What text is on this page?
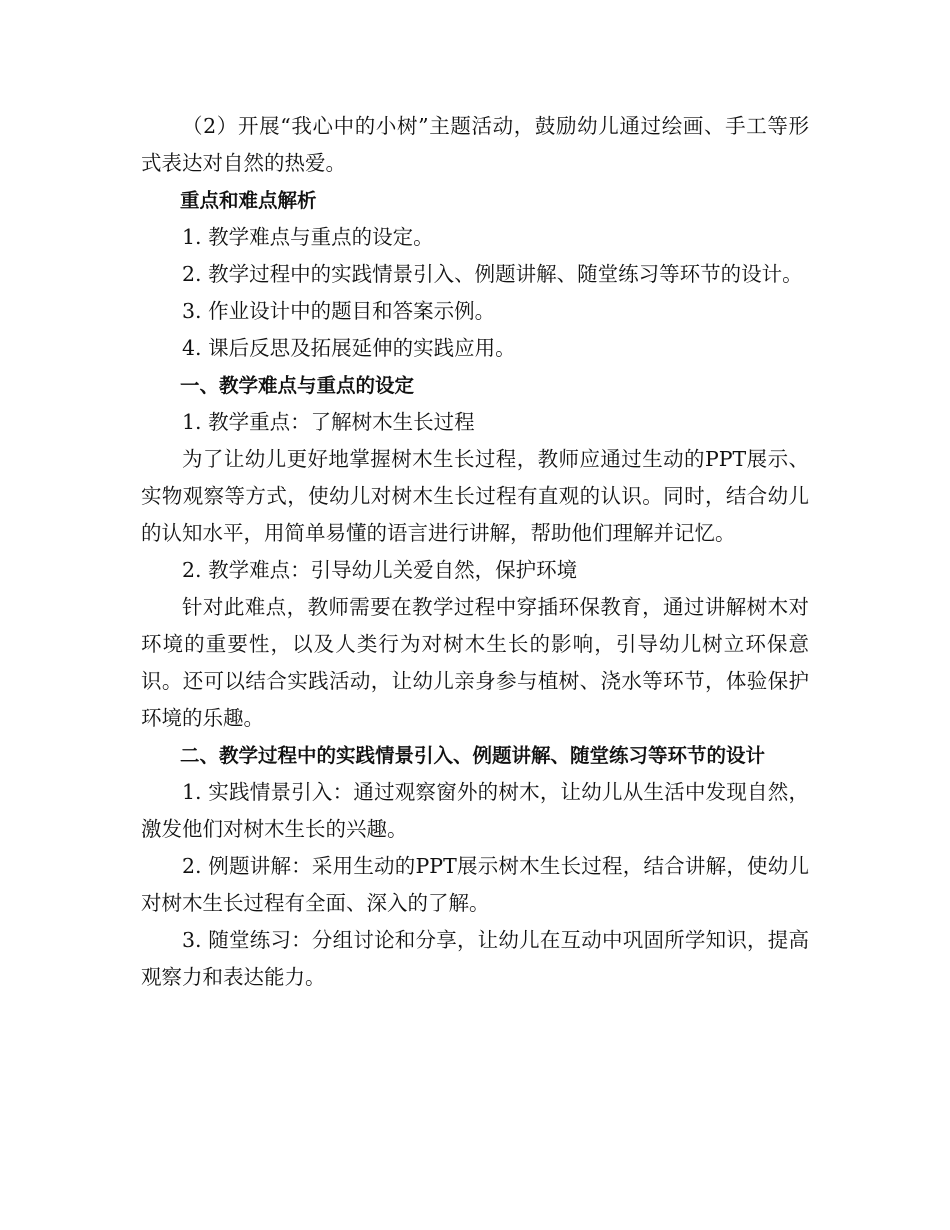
（2）开展“我心中的小树”主题活动，鼓励幼儿通过绘画、手工等形式表达对自然的热爱。

重点和难点解析

1. 教学难点与重点的设定。

2. 教学过程中的实践情景引入、例题讲解、随堂练习等环节的设计。

3. 作业设计中的题目和答案示例。

4. 课后反思及拓展延伸的实践应用。

一、教学难点与重点的设定

1. 教学重点：了解树木生长过程

为了让幼儿更好地掌握树木生长过程，教师应通过生动的PPT展示、实物观察等方式，使幼儿对树木生长过程有直观的认识。同时，结合幼儿的认知水平，用简单易懂的语言进行讲解，帮助他们理解并记忆。

2. 教学难点：引导幼儿关爱自然，保护环境

针对此难点，教师需要在教学过程中穿插环保教育，通过讲解树木对环境的重要性，以及人类行为对树木生长的影响，引导幼儿树立环保意识。还可以结合实践活动，让幼儿亲身参与植树、浇水等环节，体验保护环境的乐趣。

二、教学过程中的实践情景引入、例题讲解、随堂练习等环节的设计

1. 实践情景引入：通过观察窗外的树木，让幼儿从生活中发现自然，激发他们对树木生长的兴趣。

2. 例题讲解：采用生动的PPT展示树木生长过程，结合讲解，使幼儿对树木生长过程有全面、深入的了解。

3. 随堂练习：分组讨论和分享，让幼儿在互动中巩固所学知识，提高观察力和表达能力。
